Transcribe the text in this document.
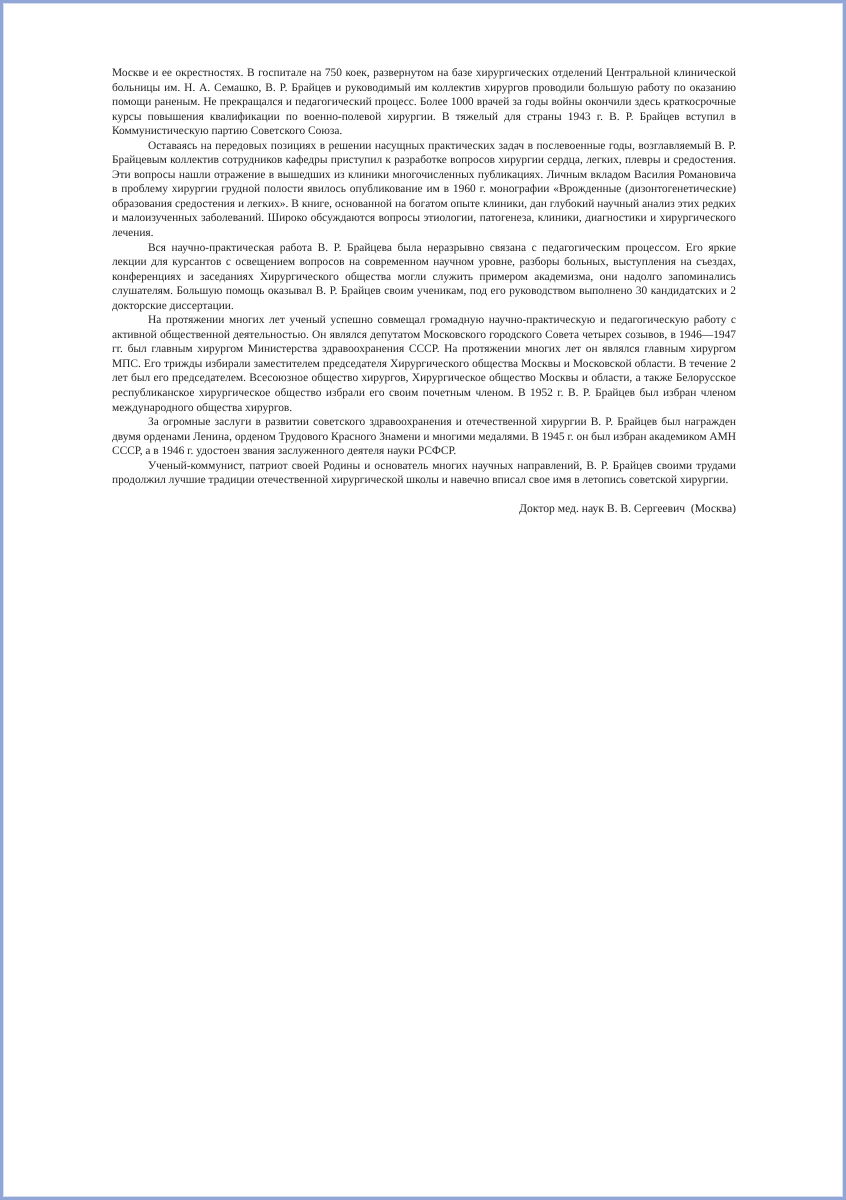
Москве и ее окрестностях. В госпитале на 750 коек, развернутом на базе хирургических отделений Центральной клинической больницы им. Н. А. Семашко, В. Р. Брайцев и руководимый им коллектив хирургов проводили большую работу по оказанию помощи раненым. Не прекращался и педагогический процесс. Более 1000 врачей за годы войны окончили здесь краткосрочные курсы повышения квалификации по военно-полевой хирургии. В тяжелый для страны 1943 г. В. Р. Брайцев вступил в Коммунистическую партию Советского Союза.

Оставаясь на передовых позициях в решении насущных практических задач в послевоенные годы, возглавляемый В. Р. Брайцевым коллектив сотрудников кафедры приступил к разработке вопросов хирургии сердца, легких, плевры и средостения. Эти вопросы нашли отражение в вышедших из клиники многочисленных публикациях. Личным вкладом Василия Романовича в проблему хирургии грудной полости явилось опубликование им в 1960 г. монографии «Врожденные (дизонтогенетические) образования средостения и легких». В книге, основанной на богатом опыте клиники, дан глубокий научный анализ этих редких и малоизученных заболеваний. Широко обсуждаются вопросы этиологии, патогенеза, клиники, диагностики и хирургического лечения.

Вся научно-практическая работа В. Р. Брайцева была неразрывно связана с педагогическим процессом. Его яркие лекции для курсантов с освещением вопросов на современном научном уровне, разборы больных, выступления на съездах, конференциях и заседаниях Хирургического общества могли служить примером академизма, они надолго запоминались слушателям. Большую помощь оказывал В. Р. Брайцев своим ученикам, под его руководством выполнено 30 кандидатских и 2 докторские диссертации.

На протяжении многих лет ученый успешно совмещал громадную научно-практическую и педагогическую работу с активной общественной деятельностью. Он являлся депутатом Московского городского Совета четырех созывов, в 1946—1947 гг. был главным хирургом Министерства здравоохранения СССР. На протяжении многих лет он являлся главным хирургом МПС. Его трижды избирали заместителем председателя Хирургического общества Москвы и Московской области. В течение 2 лет был его председателем. Всесоюзное общество хирургов, Хирургическое общество Москвы и области, а также Белорусское республиканское хирургическое общество избрали его своим почетным членом. В 1952 г. В. Р. Брайцев был избран членом международного общества хирургов.

За огромные заслуги в развитии советского здравоохранения и отечественной хирургии В. Р. Брайцев был награжден двумя орденами Ленина, орденом Трудового Красного Знамени и многими медалями. В 1945 г. он был избран академиком АМН СССР, а в 1946 г. удостоен звания заслуженного деятеля науки РСФСР.

Ученый-коммунист, патриот своей Родины и основатель многих научных направлений, В. Р. Брайцев своими трудами продолжил лучшие традиции отечественной хирургической школы и навечно вписал свое имя в летопись советской хирургии.

Доктор мед. наук В. В. Сергеевич  (Москва)
